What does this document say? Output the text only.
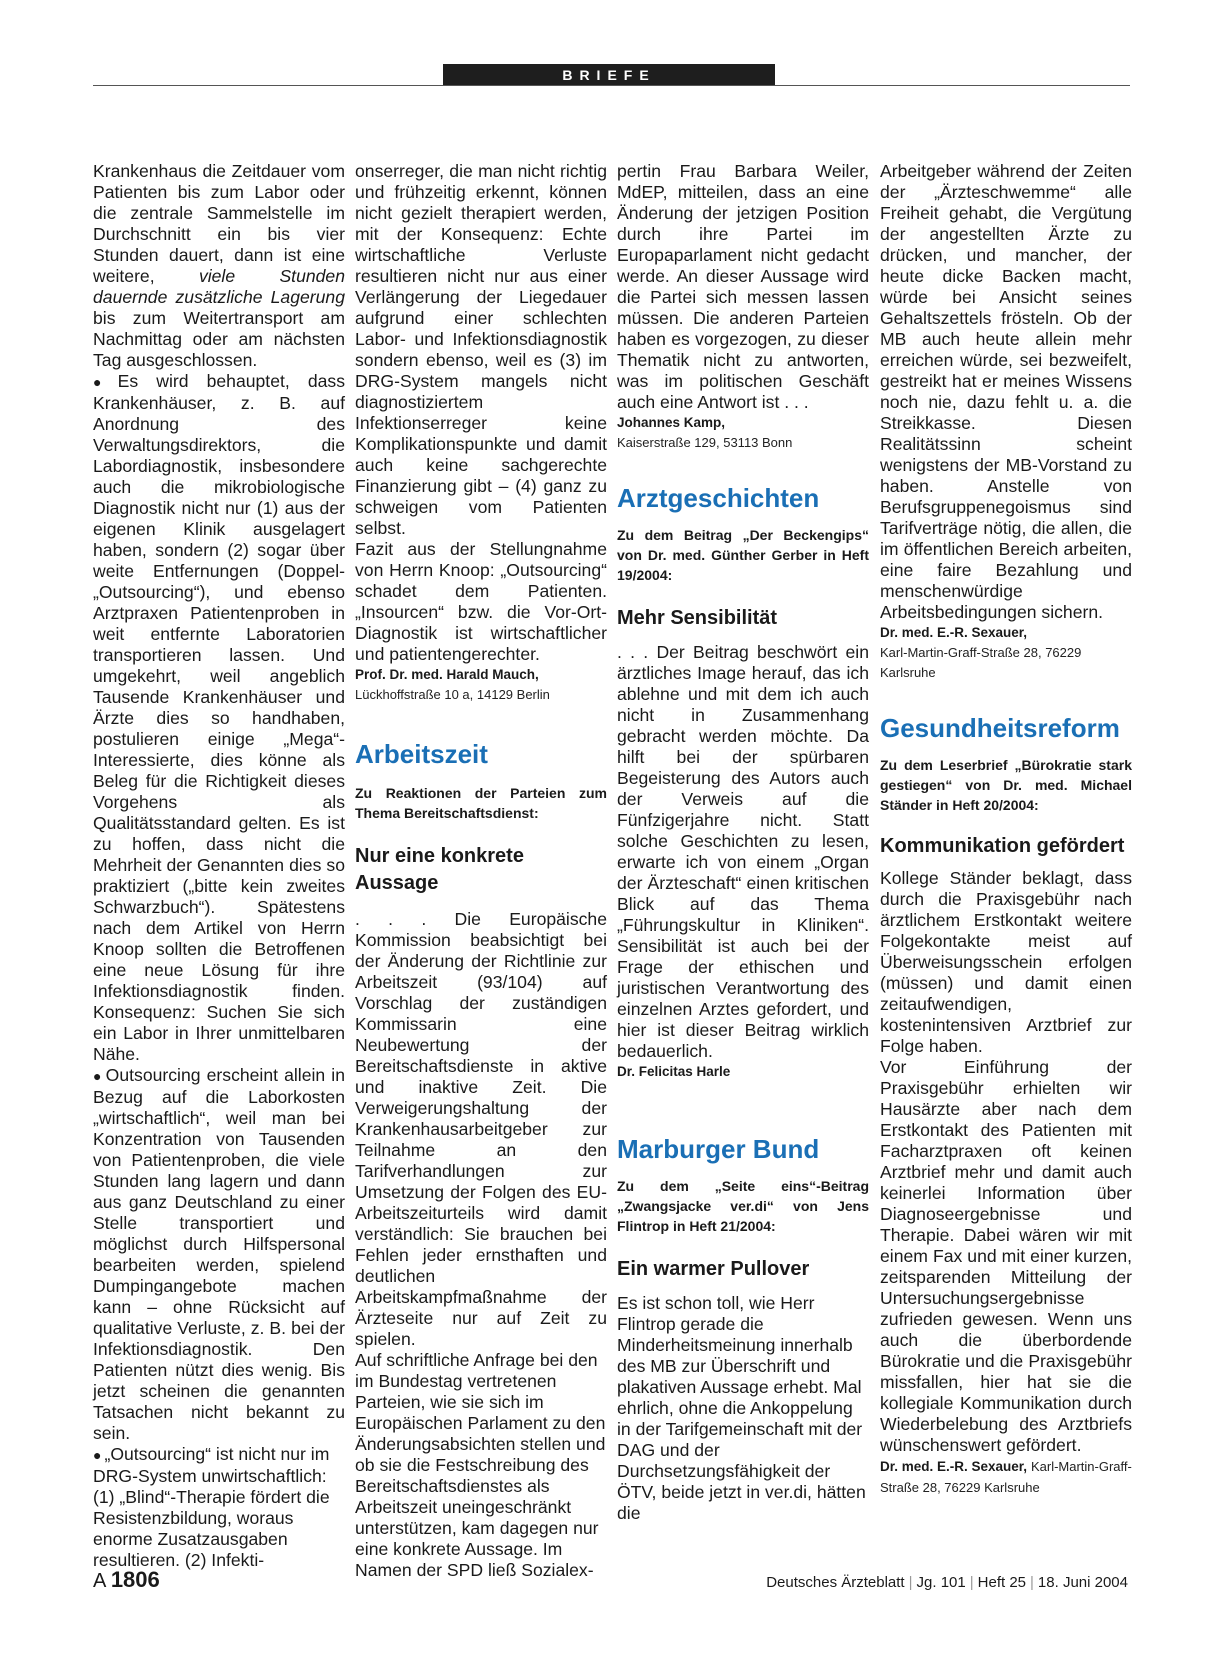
BRIEFE

Krankenhaus die Zeitdauer vom Patienten bis zum Labor oder die zentrale Sammelstelle im Durchschnitt ein bis vier Stunden dauert, dann ist eine weitere, viele Stunden dauernde zusätzliche Lagerung bis zum Weitertransport am Nachmittag oder am nächsten Tag ausgeschlossen.

● Es wird behauptet, dass Krankenhäuser, z. B. auf Anordnung des Verwaltungsdirektors, die Labordiagnostik, insbesondere auch die mikrobiologische Diagnostik nicht nur (1) aus der eigenen Klinik ausgelagert haben, sondern (2) sogar über weite Entfernungen (Doppel-„Outsourcing“), und ebenso Arztpraxen Patientenproben in weit entfernte Laboratorien transportieren lassen. Und umgekehrt, weil angeblich Tausende Krankenhäuser und Ärzte dies so handhaben, postulieren einige „Mega“-Interessierte, dies könne als Beleg für die Richtigkeit dieses Vorgehens als Qualitätsstandard gelten. Es ist zu hoffen, dass nicht die Mehrheit der Genannten dies so praktiziert („bitte kein zweites Schwarzbuch“). Spätestens nach dem Artikel von Herrn Knoop sollten die Betroffenen eine neue Lösung für ihre Infektionsdiagnostik finden. Konsequenz: Suchen Sie sich ein Labor in Ihrer unmittelbaren Nähe.

● Outsourcing erscheint allein in Bezug auf die Laborkosten „wirtschaftlich“, weil man bei Konzentration von Tausenden von Patientenproben, die viele Stunden lang lagern und dann aus ganz Deutschland zu einer Stelle transportiert und möglichst durch Hilfspersonal bearbeiten werden, spielend Dumpingangebote machen kann – ohne Rücksicht auf qualitative Verluste, z. B. bei der Infektionsdiagnostik. Den Patienten nützt dies wenig. Bis jetzt scheinen die genannten Tatsachen nicht bekannt zu sein.

● „Outsourcing“ ist nicht nur im DRG-System unwirtschaftlich: (1) „Blind“-Therapie fördert die Resistenzbildung, woraus enorme Zusatzausgaben resultieren. (2) Infekti-

onserreger, die man nicht richtig und frühzeitig erkennt, können nicht gezielt therapiert werden, mit der Konsequenz: Echte wirtschaftliche Verluste resultieren nicht nur aus einer Verlängerung der Liegedauer aufgrund einer schlechten Labor- und Infektionsdiagnostik sondern ebenso, weil es (3) im DRG-System mangels nicht diagnostiziertem Infektionserreger keine Komplikationspunkte und damit auch keine sachgerechte Finanzierung gibt – (4) ganz zu schweigen vom Patienten selbst.

Fazit aus der Stellungnahme von Herrn Knoop: „Outsourcing“ schadet dem Patienten. „Insourcen“ bzw. die Vor-Ort-Diagnostik ist wirtschaftlicher und patientengerechter.

Prof. Dr. med. Harald Mauch,
Lückhoffstraße 10 a, 14129 Berlin
Arbeitszeit

Zu Reaktionen der Parteien zum Thema Bereitschaftsdienst:

Nur eine konkrete Aussage

. . . Die Europäische Kommission beabsichtigt bei der Änderung der Richtlinie zur Arbeitszeit (93/104) auf Vorschlag der zuständigen Kommissarin eine Neubewertung der Bereitschaftsdienste in aktive und inaktive Zeit. Die Verweigerungshaltung der Krankenhausarbeitgeber zur Teilnahme an den Tarifverhandlungen zur Umsetzung der Folgen des EU-Arbeitszeiturteils wird damit verständlich: Sie brauchen bei Fehlen jeder ernsthaften und deutlichen Arbeitskampfmaßnahme der Ärzteseite nur auf Zeit zu spielen.

Auf schriftliche Anfrage bei den im Bundestag vertretenen Parteien, wie sie sich im Europäischen Parlament zu den Änderungsabsichten stellen und ob sie die Festschreibung des Bereitschaftsdienstes als Arbeitszeit uneingeschränkt unterstützen, kam dagegen nur eine konkrete Aussage. Im Namen der SPD ließ Sozialex-

pertin Frau Barbara Weiler, MdEP, mitteilen, dass an eine Änderung der jetzigen Position durch ihre Partei im Europaparlament nicht gedacht werde. An dieser Aussage wird die Partei sich messen lassen müssen. Die anderen Parteien haben es vorgezogen, zu dieser Thematik nicht zu antworten, was im politischen Geschäft auch eine Antwort ist . . .

Johannes Kamp,
Kaiserstraße 129, 53113 Bonn
Arztgeschichten

Zu dem Beitrag „Der Beckengips“ von Dr. med. Günther Gerber in Heft 19/2004:

Mehr Sensibilität

. . . Der Beitrag beschwört ein ärztliches Image herauf, das ich ablehne und mit dem ich auch nicht in Zusammenhang gebracht werden möchte. Da hilft bei der spürbaren Begeisterung des Autors auch der Verweis auf die Fünfzigerjahre nicht. Statt solche Geschichten zu lesen, erwarte ich von einem „Organ der Ärzteschaft“ einen kritischen Blick auf das Thema „Führungskultur in Kliniken“. Sensibilität ist auch bei der Frage der ethischen und juristischen Verantwortung des einzelnen Arztes gefordert, und hier ist dieser Beitrag wirklich bedauerlich.

Dr. Felicitas Harle
Marburger Bund

Zu dem „Seite eins“-Beitrag „Zwangsjacke ver.di“ von Jens Flintrop in Heft 21/2004:

Ein warmer Pullover

Es ist schon toll, wie Herr Flintrop gerade die Minderheitsmeinung innerhalb des MB zur Überschrift und plakativen Aussage erhebt. Mal ehrlich, ohne die Ankoppelung in der Tarifgemeinschaft mit der DAG und der Durchsetzungsfähigkeit der ÖTV, beide jetzt in ver.di, hätten die

Arbeitgeber während der Zeiten der „Ärzteschwemme“ alle Freiheit gehabt, die Vergütung der angestellten Ärzte zu drücken, und mancher, der heute dicke Backen macht, würde bei Ansicht seines Gehaltszettels frösteln. Ob der MB auch heute allein mehr erreichen würde, sei bezweifelt, gestreikt hat er meines Wissens noch nie, dazu fehlt u. a. die Streikkasse. Diesen Realitätssinn scheint wenigstens der MB-Vorstand zu haben. Anstelle von Berufsgruppenegoismus sind Tarifverträge nötig, die allen, die im öffentlichen Bereich arbeiten, eine faire Bezahlung und menschenwürdige Arbeitsbedingungen sichern.

Dr. med. E.-R. Sexauer,
Karl-Martin-Graff-Straße 28, 76229 Karlsruhe
Gesundheitsreform

Zu dem Leserbrief „Bürokratie stark gestiegen“ von Dr. med. Michael Ständer in Heft 20/2004:

Kommunikation gefördert

Kollege Ständer beklagt, dass durch die Praxisgebühr nach ärztlichem Erstkontakt weitere Folgekontakte meist auf Überweisungsschein erfolgen (müssen) und damit einen zeitaufwendigen, kostenintensiven Arztbrief zur Folge haben.

Vor Einführung der Praxisgebühr erhielten wir Hausärzte aber nach dem Erstkontakt des Patienten mit Facharztpraxen oft keinen Arztbrief mehr und damit auch keinerlei Information über Diagnoseergebnisse und Therapie. Dabei wären wir mit einem Fax und mit einer kurzen, zeitsparenden Mitteilung der Untersuchungsergebnisse zufrieden gewesen. Wenn uns auch die überbordende Bürokratie und die Praxisgebühr missfallen, hier hat sie die kollegiale Kommunikation durch Wiederbelebung des Arztbriefs wünschenswert gefördert.

Dr. med. E.-R. Sexauer, Karl-Martin-Graff-Straße 28, 76229 Karlsruhe
A 1806	Deutsches Ärzteblatt | Jg. 101 | Heft 25 | 18. Juni 2004
